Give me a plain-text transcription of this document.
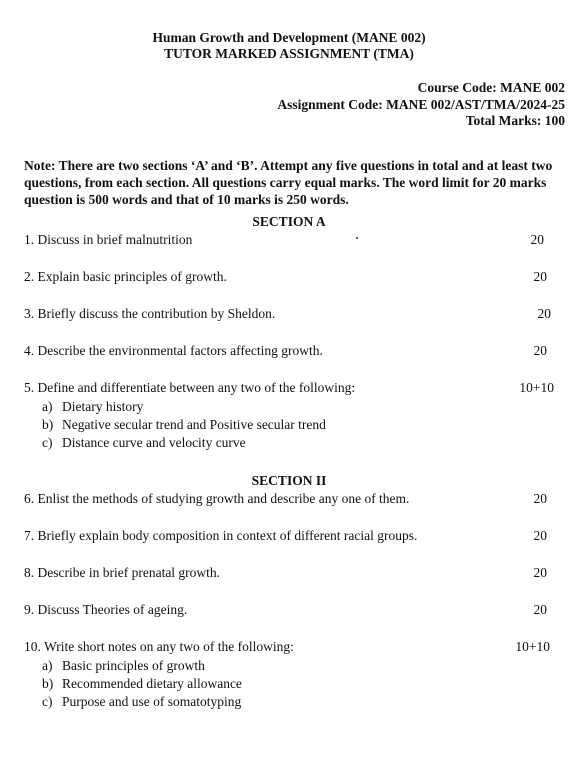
Human Growth and Development (MANE 002)
TUTOR MARKED ASSIGNMENT (TMA)
Course Code: MANE 002
Assignment Code: MANE 002/AST/TMA/2024-25
Total Marks: 100
Note: There are two sections ‘A’ and ‘B’. Attempt any five questions in total and at least two questions, from each section. All questions carry equal marks. The word limit for 20 marks question is 500 words and that of 10 marks is 250 words.
SECTION A
1. Discuss in brief malnutrition	20
2. Explain basic principles of growth.	20
3. Briefly discuss the contribution by Sheldon.	20
4. Describe the environmental factors affecting growth.	20
5. Define and differentiate between any two of the following:	10+10
a) Dietary history
b) Negative secular trend and Positive secular trend
c) Distance curve and velocity curve
SECTION II
6. Enlist the methods of studying growth and describe any one of them.	20
7. Briefly explain body composition in context of different racial groups.	20
8. Describe in brief prenatal growth.	20
9. Discuss Theories of ageing.	20
10. Write short notes on any two of the following:	10+10
a) Basic principles of growth
b) Recommended dietary allowance
c) Purpose and use of somatotyping
